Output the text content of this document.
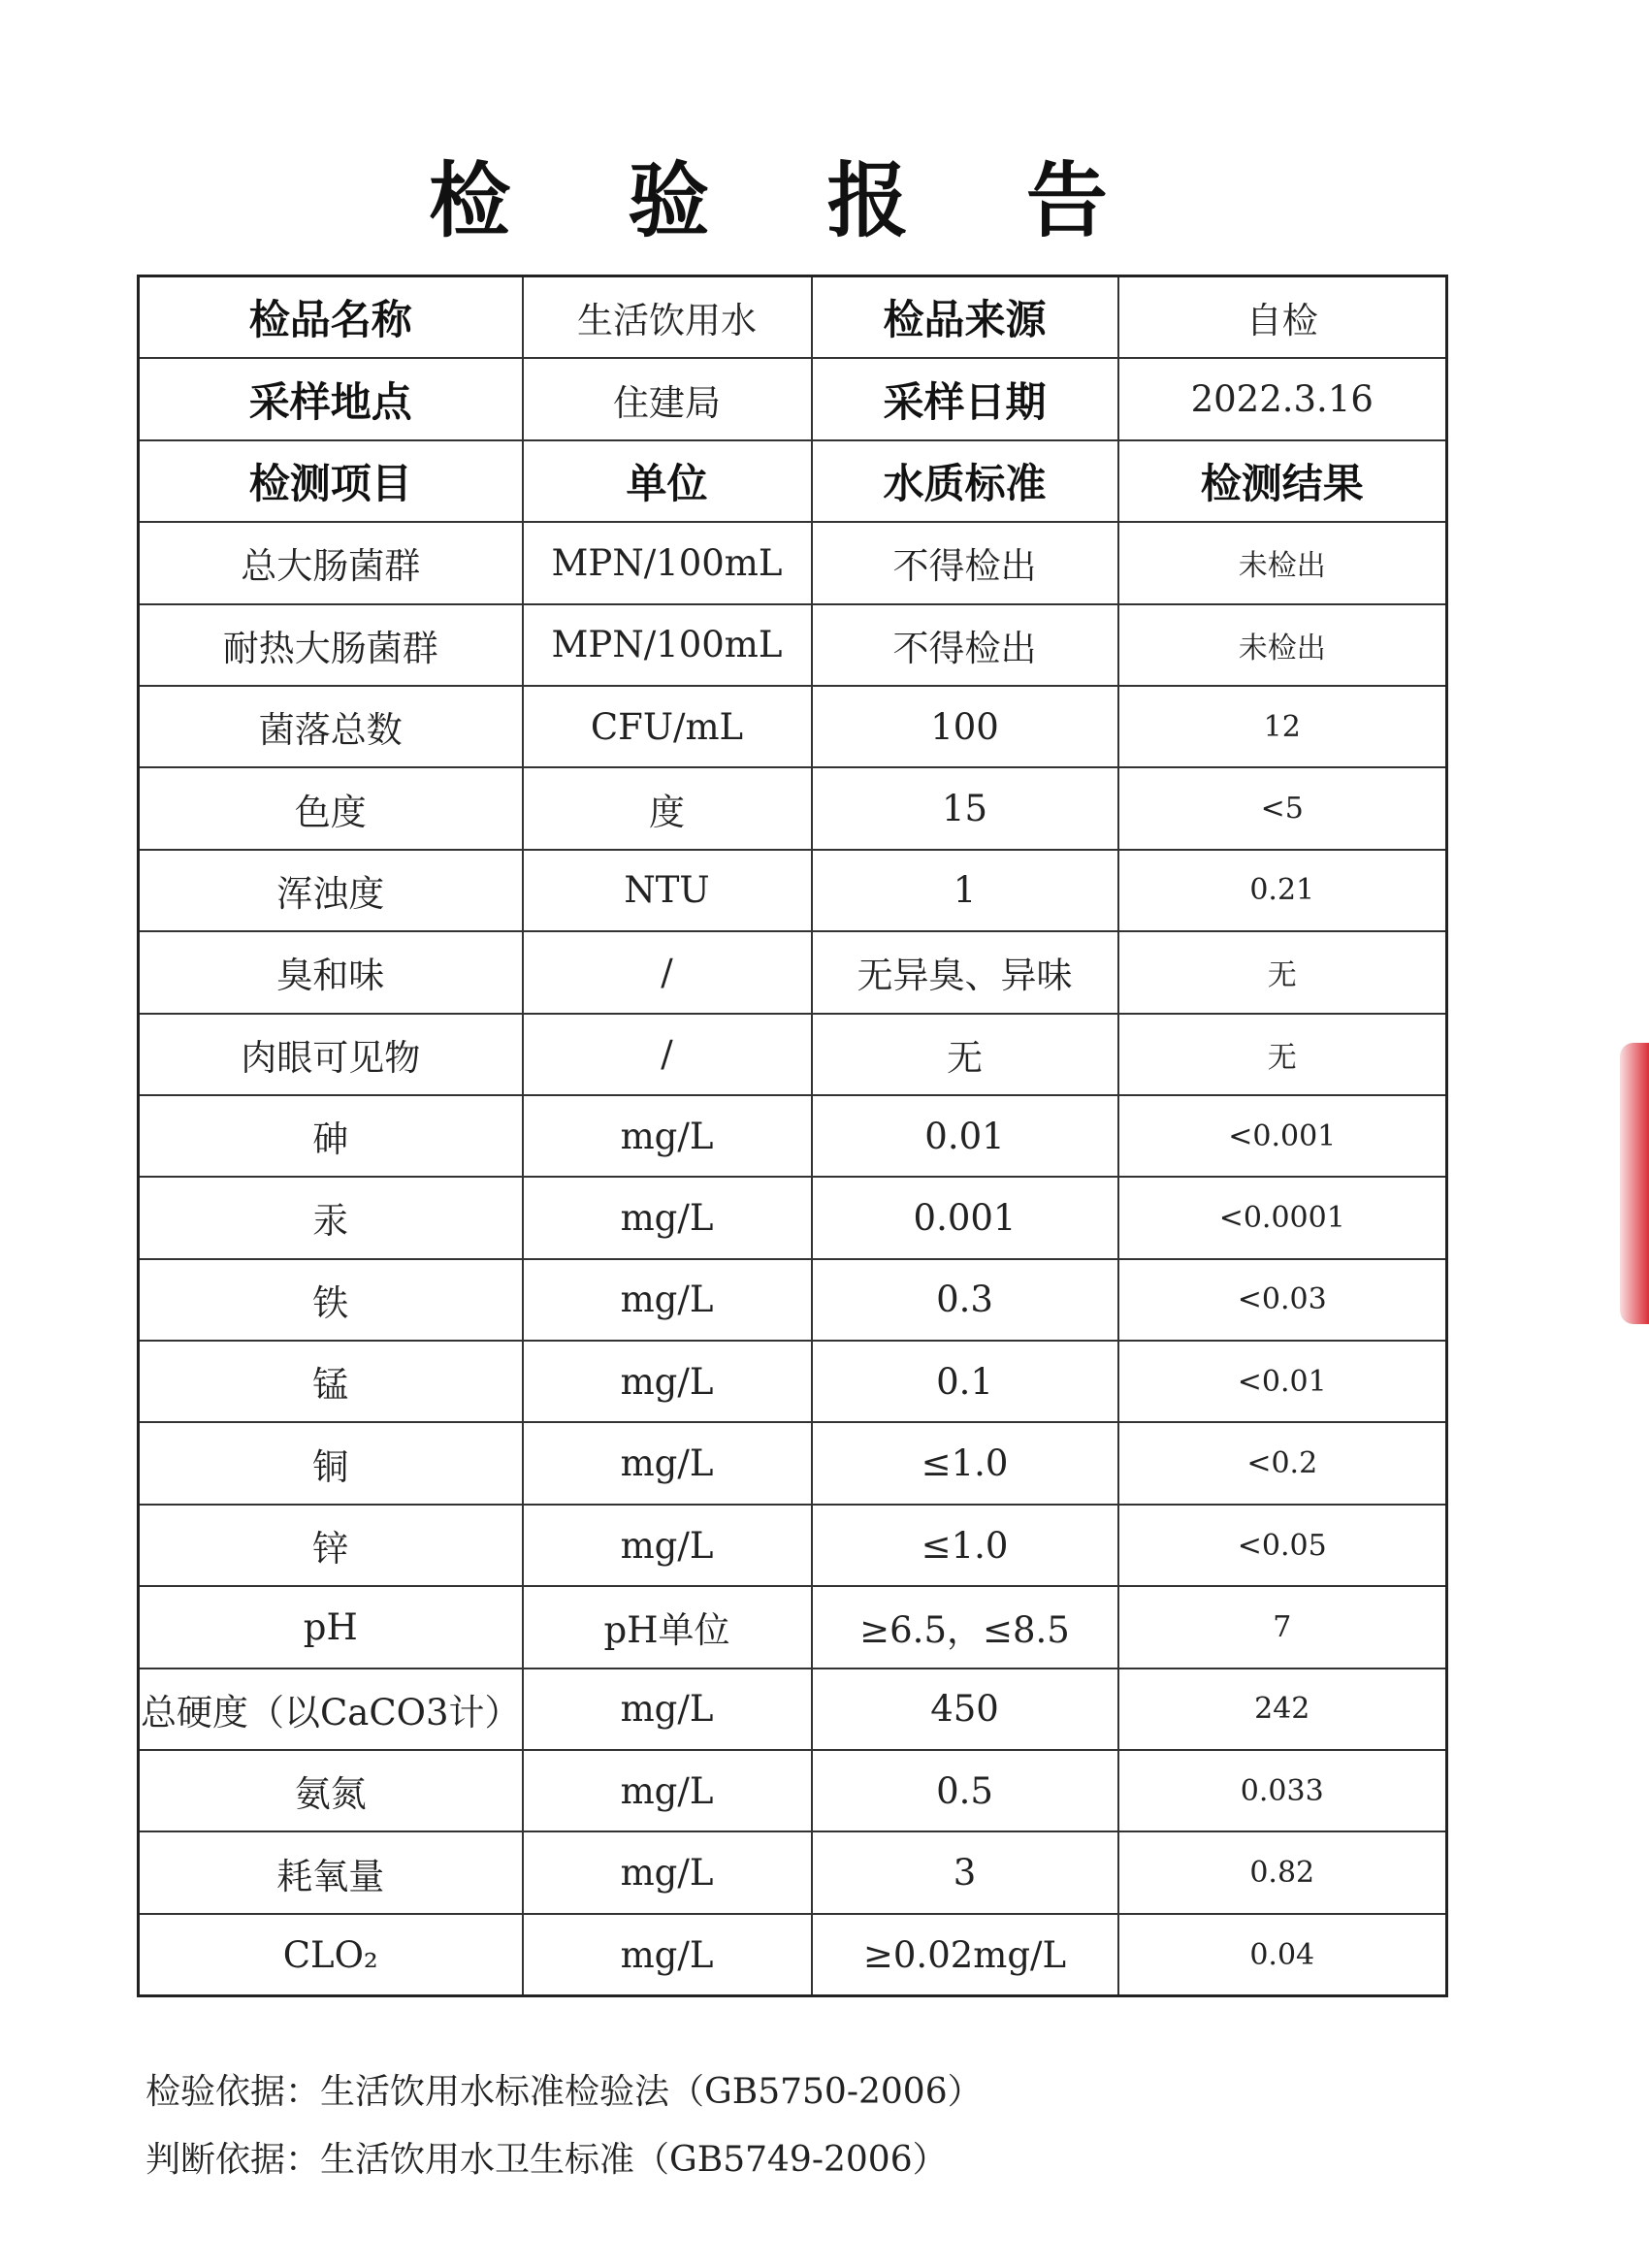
检 验 报 告
检品名称	生活饮用水	检品来源	自检
采样地点	住建局	采样日期	2022.3.16
检测项目	单位	水质标准	检测结果
总大肠菌群	MPN/100mL	不得检出	未检出
耐热大肠菌群	MPN/100mL	不得检出	未检出
菌落总数	CFU/mL	100	12
色度	度	15	<5
浑浊度	NTU	1	0.21
臭和味	/	无异臭、异味	无
肉眼可见物	/	无	无
砷	mg/L	0.01	<0.001
汞	mg/L	0.001	<0.0001
铁	mg/L	0.3	<0.03
锰	mg/L	0.1	<0.01
铜	mg/L	≤1.0	<0.2
锌	mg/L	≤1.0	<0.05
pH	pH单位	≥6.5，≤8.5	7
总硬度（以CaCO3计）	mg/L	450	242
氨氮	mg/L	0.5	0.033
耗氧量	mg/L	3	0.82
CLO₂	mg/L	≥0.02mg/L	0.04
检验依据：生活饮用水标准检验法（GB5750-2006）
判断依据：生活饮用水卫生标准（GB5749-2006）
